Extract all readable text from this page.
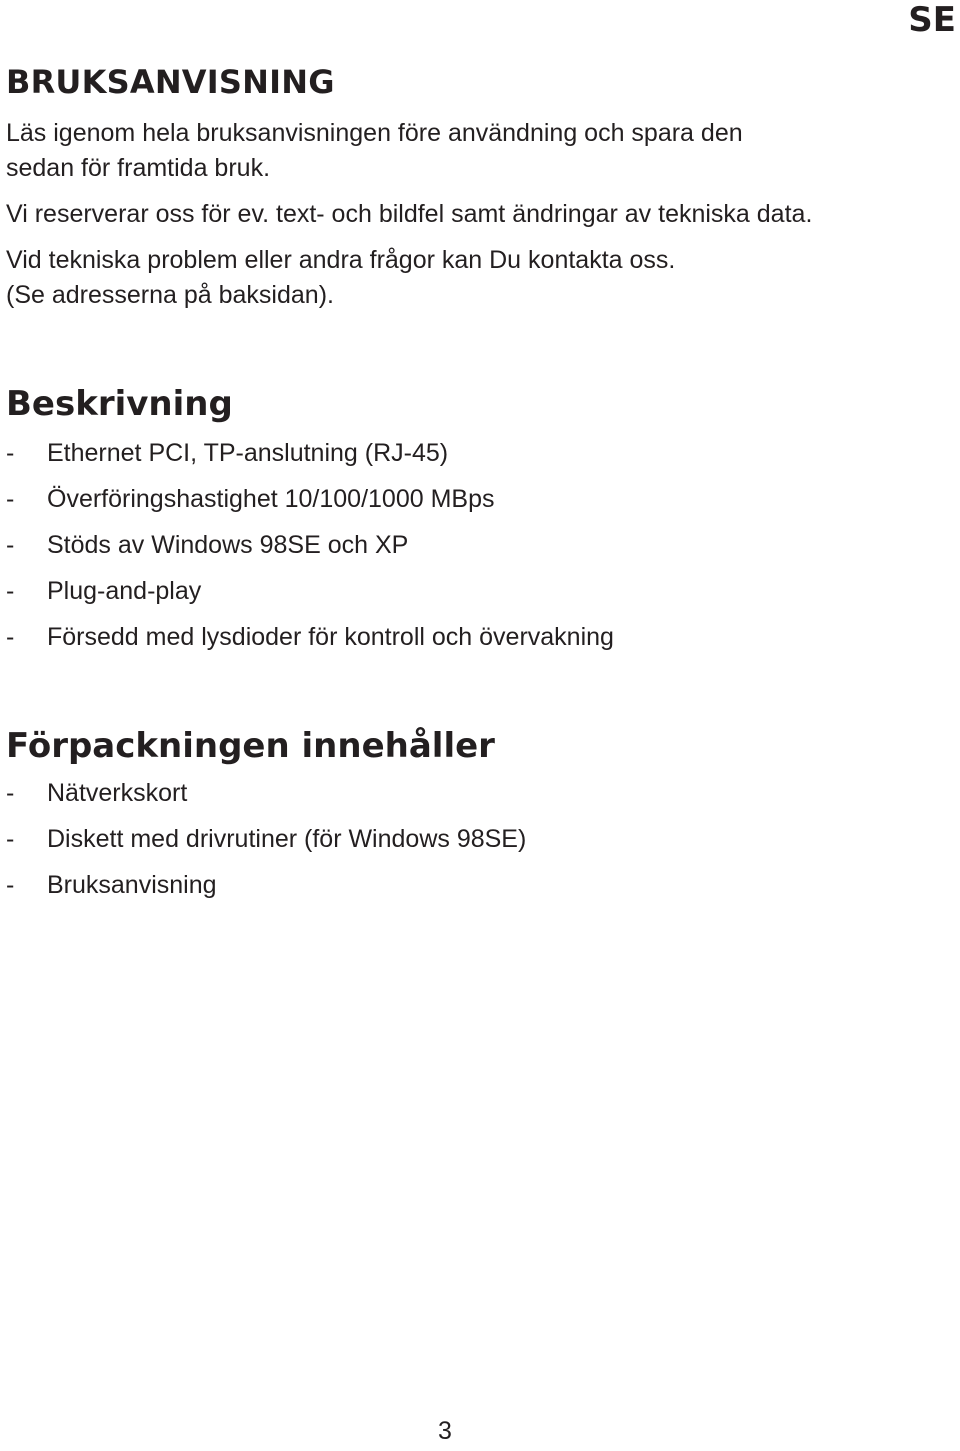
SE

BRUKSANVISNING

Läs igenom hela bruksanvisningen före användning och spara den

sedan för framtida bruk.

Vi reserverar oss för ev. text- och bildfel samt ändringar av tekniska data.

Vid tekniska problem eller andra frågor kan Du kontakta oss.

(Se adresserna på baksidan).

Beskrivning
-	Ethernet PCI, TP-anslutning (RJ-45)
-	Överföringshastighet 10/100/1000 MBps
-	Stöds av Windows 98SE och XP
-	Plug-and-play
-	Försedd med lysdioder för kontroll och övervakning
Förpackningen innehåller
-	Nätverkskort
-	Diskett med drivrutiner (för Windows 98SE)
-	Bruksanvisning

3
